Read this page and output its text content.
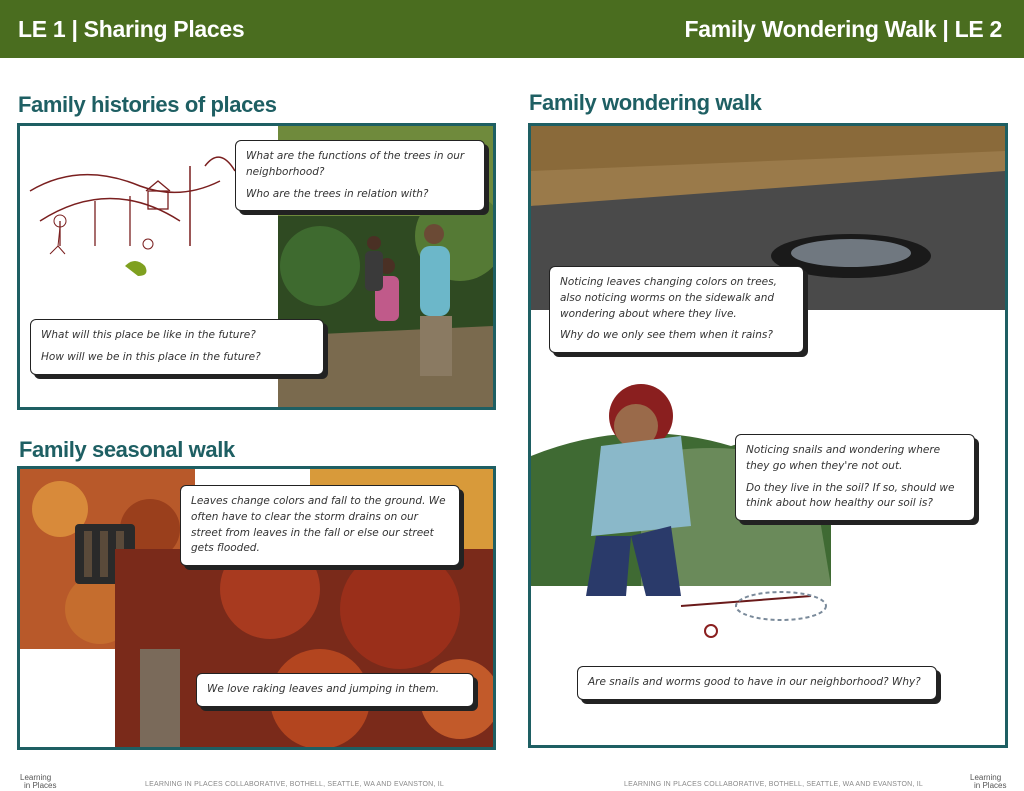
LE 1 | Sharing Places	Family Wondering Walk | LE 2
Family histories of places

What are the functions of the trees in our neighborhood?

Who are the trees in relation with?

What will this place be like in the future?

How will we be in this place in the future?

Family seasonal walk
Leaves change colors and fall to the ground. We often have to clear the storm drains on our street from leaves in the fall or else our street gets flooded.
We love raking leaves and jumping in them.
Family wondering walk

Noticing leaves changing colors on trees, also noticing worms on the sidewalk and wondering about where they live.

Why do we only see them when it rains?

Noticing snails and wondering where they go when they're not out.

Do they live in the soil? If so, should we think about how healthy our soil is?

Are snails and worms good to have in our neighborhood? Why?
Learning
in Places	LEARNING IN PLACES COLLABORATIVE, BOTHELL, SEATTLE, WA AND EVANSTON, IL	LEARNING IN PLACES COLLABORATIVE, BOTHELL, SEATTLE, WA AND EVANSTON, IL
Learning
in Places
